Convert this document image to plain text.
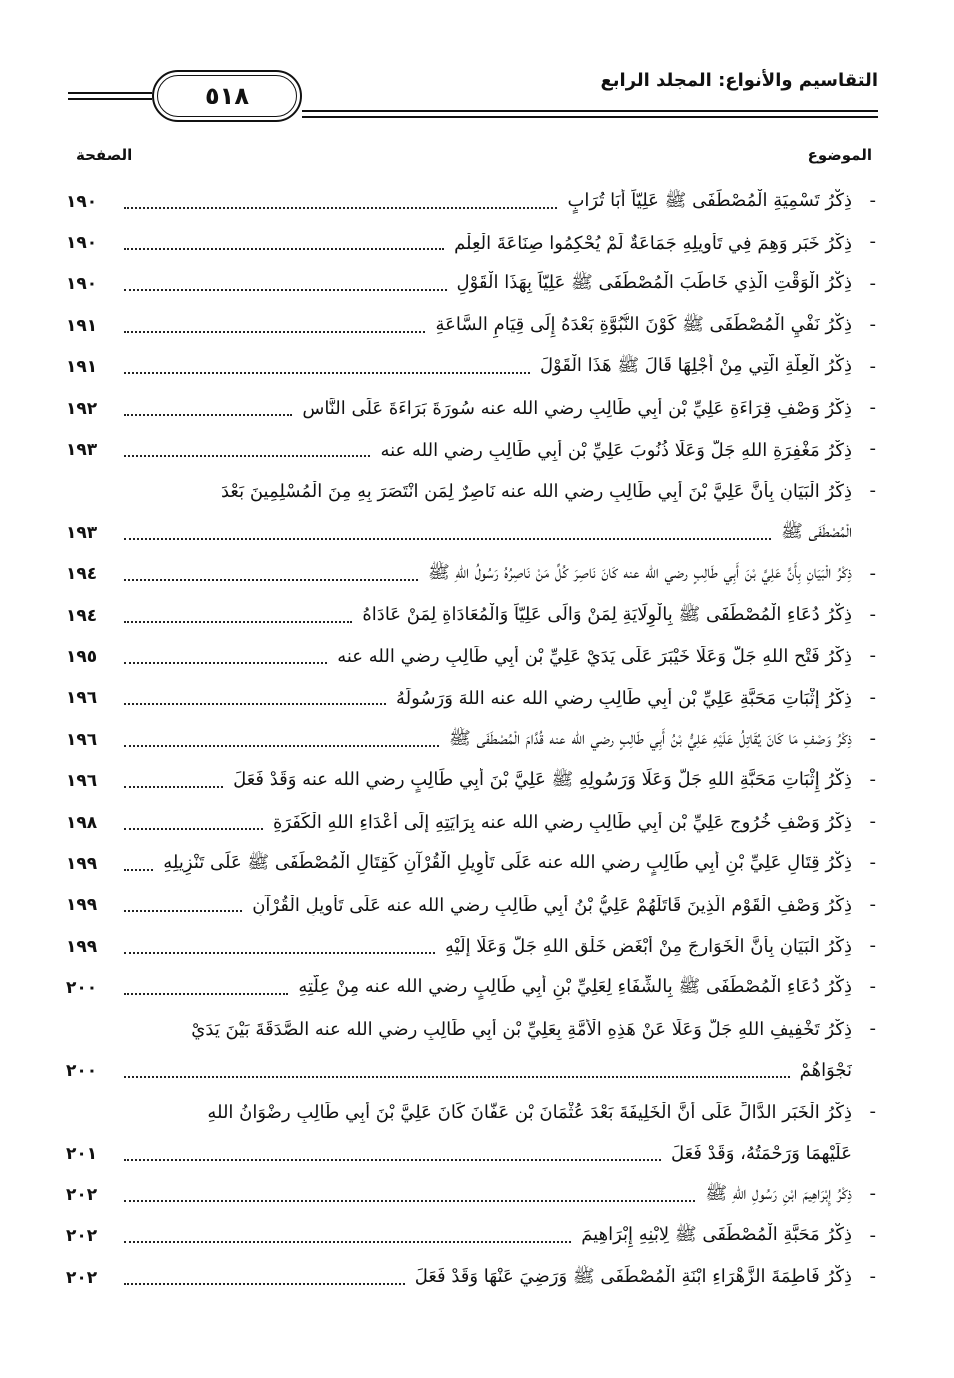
التقاسيم والأنواع: المجلد الرابع
٥١٨
الموضوع
الصفحة
-
ذِكْرُ تَسْمِيَةِ الْمُصْطَفَى ﷺ عَلِيّاً أَبَا تُرَابٍ
١٩٠
-
ذِكْرُ خَبَرٍ وَهِمَ فِي تَأْوِيلِهِ جَمَاعَةٌ لَمْ يُحْكِمُوا صِنَاعَةَ الْعِلْمِ
١٩٠
-
ذِكْرُ الْوَقْتِ الَّذِي خَاطَبَ الْمُصْطَفَى ﷺ عَلِيّاً بِهَذَا الْقَوْلِ
١٩٠
-
ذِكْرُ نَفْيِ الْمُصْطَفَى ﷺ كَوْنَ النُّبُوَّةِ بَعْدَهُ إِلَى قِيَامِ السَّاعَةِ
١٩١
-
ذِكْرُ الْعِلَّةِ الَّتِي مِنْ أَجْلِهَا قَالَ ﷺ هَذَا الْقَوْلَ
١٩١
-
ذِكْرُ وَصْفِ قِرَاءَةِ عَلِيِّ بْنِ أَبِي طَالِبٍ رضي الله عنه سُورَةَ بَرَاءَةَ عَلَى النَّاسِ
١٩٢
-
ذِكْرُ مَغْفِرَةِ اللهِ جَلَّ وَعَلَا ذُنُوبَ عَلِيِّ بْنِ أَبِي طَالِبٍ رضي الله عنه
١٩٣
-
ذِكْرُ الْبَيَانِ بِأَنَّ عَلِيَّ بْنَ أَبِي طَالِبٍ رضي الله عنه نَاصِرٌ لِمَنِ انْتَصَرَ بِهِ مِنَ الْمُسْلِمِينَ بَعْدَ
الْمُصْطَفَى ﷺ
١٩٣
-
ذِكْرُ الْبَيَانِ بِأَنَّ عَلِيَّ بْنَ أَبِي طَالِبٍ رضي الله عنه كَانَ نَاصِرَ كُلِّ مَنْ نَاصِرُهُ رَسُولُ اللهِ ﷺ
١٩٤
-
ذِكْرُ دُعَاءِ الْمُصْطَفَى ﷺ بِالْوِلَايَةِ لِمَنْ وَالَى عَلِيّاً وَالْمُعَادَاةِ لِمَنْ عَادَاهُ
١٩٤
-
ذِكْرُ فَتْحِ اللهِ جَلَّ وَعَلَا خَيْبَرَ عَلَى يَدَيْ عَلِيِّ بْنِ أَبِي طَالِبٍ رضي الله عنه
١٩٥
-
ذِكْرُ إِثْبَاتِ مَحَبَّةِ عَلِيِّ بْنِ أَبِي طَالِبٍ رضي الله عنه اللهَ وَرَسُولَهُ
١٩٦
-
ذِكْرُ وَصْفِ مَا كَانَ يُقَاتِلُ عَلَيْهِ عَلِيُّ بْنُ أَبِي طَالِبٍ رضي الله عنه قُدَّامَ الْمُصْطَفَى ﷺ
١٩٦
-
ذِكْرُ إِثْبَاتِ مَحَبَّةِ اللهِ جَلَّ وَعَلَا وَرَسُولِهِ ﷺ عَلِيَّ بْنَ أَبِي طَالِبٍ رضي الله عنه وَقَدْ فَعَلَ
١٩٦
-
ذِكْرُ وَصْفِ خُرُوجِ عَلِيِّ بْنِ أَبِي طَالِبٍ رضي الله عنه بِرَايَتِهِ إِلَى أَعْدَاءِ اللهِ الْكَفَرَةِ
١٩٨
-
ذِكْرُ قِتَالِ عَلِيِّ بْنِ أَبِي طَالِبٍ رضي الله عنه عَلَى تَأْوِيلِ الْقُرْآنِ كَقِتَالِ الْمُصْطَفَى ﷺ عَلَى تَنْزِيلِهِ
١٩٩
-
ذِكْرُ وَصْفِ الْقَوْمِ الَّذِينَ قَاتَلَهُمْ عَلِيُّ بْنُ أَبِي طَالِبٍ رضي الله عنه عَلَى تَأْوِيلِ الْقُرْآنِ
١٩٩
-
ذِكْرُ الْبَيَانِ بِأَنَّ الْخَوَارِجَ مِنْ أَبْغَضِ خَلْقِ اللهِ جَلَّ وَعَلَا إِلَيْهِ
١٩٩
-
ذِكْرُ دُعَاءِ الْمُصْطَفَى ﷺ بِالشِّفَاءِ لِعَلِيِّ بْنِ أَبِي طَالِبٍ رضي الله عنه مِنْ عِلَّتِهِ
٢٠٠
-
ذِكْرُ تَخْفِيفِ اللهِ جَلَّ وَعَلَا عَنْ هَذِهِ الْأُمَّةِ بِعَلِيِّ بْنِ أَبِي طَالِبٍ رضي الله عنه الصَّدَقَةَ بَيْنَ يَدَيْ
نَجْوَاهُمْ
٢٠٠
-
ذِكْرُ الْخَبَرِ الدَّالِّ عَلَى أَنَّ الْخَلِيفَةَ بَعْدَ عُثْمَانَ بْنِ عَفَّانَ كَانَ عَلِيَّ بْنَ أَبِي طَالِبٍ رِضْوَانُ اللهِ
عَلَيْهِمَا وَرَحْمَتُهُ، وَقَدْ فَعَلَ
٢٠١
-
ذِكْرُ إِبْرَاهِيمَ ابْنِ رَسُولِ اللهِ ﷺ
٢٠٢
-
ذِكْرُ مَحَبَّةِ الْمُصْطَفَى ﷺ لِابْنِهِ إِبْرَاهِيمَ
٢٠٢
-
ذِكْرُ فَاطِمَةَ الزَّهْرَاءِ ابْنَةِ الْمُصْطَفَى ﷺ وَرَضِيَ عَنْهَا وَقَدْ فَعَلَ
٢٠٢
